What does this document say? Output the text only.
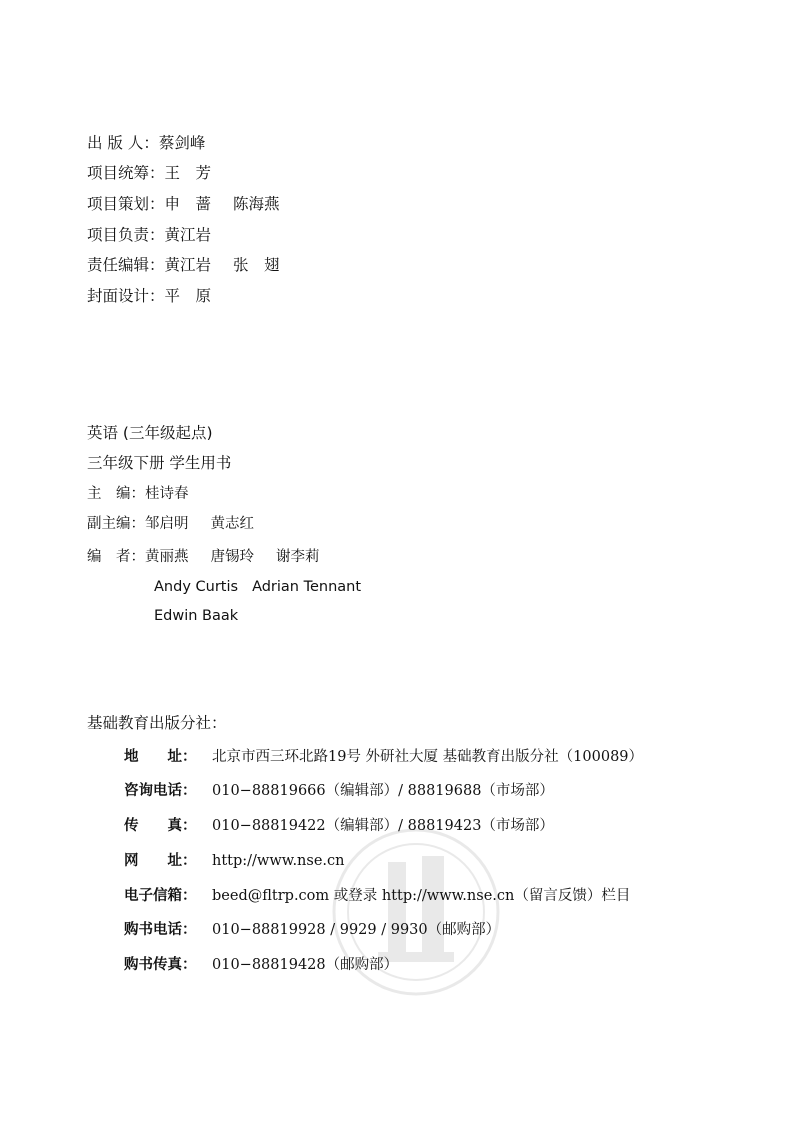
出 版 人： 蔡剑峰
项目统筹： 王　芳
项目策划： 申　蔷 陈海燕
项目负责： 黄江岩
责任编辑： 黄江岩 张　翅
封面设计： 平　原
英语 (三年级起点)
三年级下册 学生用书
主　编： 桂诗春
副主编： 邹启明 黄志红
编　者： 黄丽燕 唐锡玲 谢李莉
Andy Curtis Adrian Tennant
Edwin Baak
基础教育出版分社：
地　　址：	北京市西三环北路19号 外研社大厦 基础教育出版分社（100089）
咨询电话：	010−88819666（编辑部）/ 88819688（市场部）
传　　真：	010−88819422（编辑部）/ 88819423（市场部）
网　　址：	http://www.nse.cn
电子信箱：	beed@fltrp.com 或登录 http://www.nse.cn（留言反馈）栏目
购书电话：	010−88819928 / 9929 / 9930（邮购部）
购书传真：	010−88819428（邮购部）
